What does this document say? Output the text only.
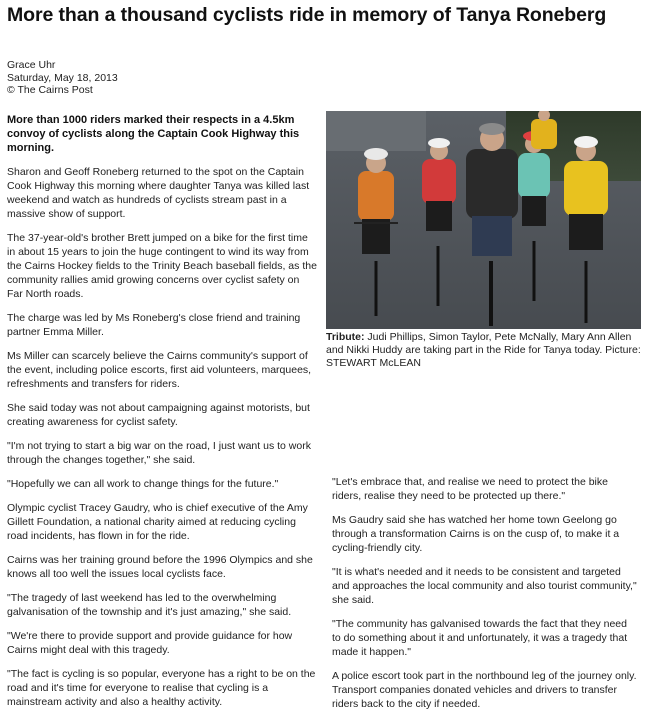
More than a thousand cyclists ride in memory of Tanya Roneberg
Grace Uhr
Saturday, May 18, 2013
© The Cairns Post

More than 1000 riders marked their respects in a 4.5km convoy of cyclists along the Captain Cook Highway this morning.

Sharon and Geoff Roneberg returned to the spot on the Captain Cook Highway this morning where daughter Tanya was killed last weekend and watch as hundreds of cyclists stream past in a massive show of support.

The 37-year-old's brother Brett jumped on a bike for the first time in about 15 years to join the huge contingent to wind its way from the Cairns Hockey fields to the Trinity Beach baseball fields, as the community rallies amid growing concerns over cyclist safety on Far North roads.

The charge was led by Ms Roneberg's close friend and training partner Emma Miller.

Ms Miller can scarcely believe the Cairns community's support of the event, including police escorts, first aid volunteers, marquees, refreshments and transfers for riders.

She said today was not about campaigning against motorists, but creating awareness for cyclist safety.

"I'm not trying to start a big war on the road, I just want us to work through the changes together," she said.

"Hopefully we can all work to change things for the future."

Olympic cyclist Tracey Gaudry, who is chief executive of the Amy Gillett Foundation, a national charity aimed at reducing cycling road incidents, has flown in for the ride.

Cairns was her training ground before the 1996 Olympics and she knows all too well the issues local cyclists face.

"The tragedy of last weekend has led to the overwhelming galvanisation of the township and it's just amazing," she said.

"We're there to provide support and provide guidance for how Cairns might deal with this tragedy.

"The fact is cycling is so popular, everyone has a right to be on the road and it's time for everyone to realise that cycling is a mainstream activity and also a healthy activity.

Tribute: Judi Phillips, Simon Taylor, Pete McNally, Mary Ann Allen and Nikki Huddy are taking part in the Ride for Tanya today. Picture: STEWART McLEAN

"Let's embrace that, and realise we need to protect the bike riders, realise they need to be protected up there."

Ms Gaudry said she has watched her home town Geelong go through a transformation Cairns is on the cusp of, to make it a cycling-friendly city.

"It is what's needed and it needs to be consistent and targeted and approaches the local community and also tourist community," she said.

"The community has galvanised towards the fact that they need to do something about it and unfortunately, it was a tragedy that made it happen."

A police escort took part in the northbound leg of the journey only. Transport companies donated vehicles and drivers to transfer riders back to the city if needed.
